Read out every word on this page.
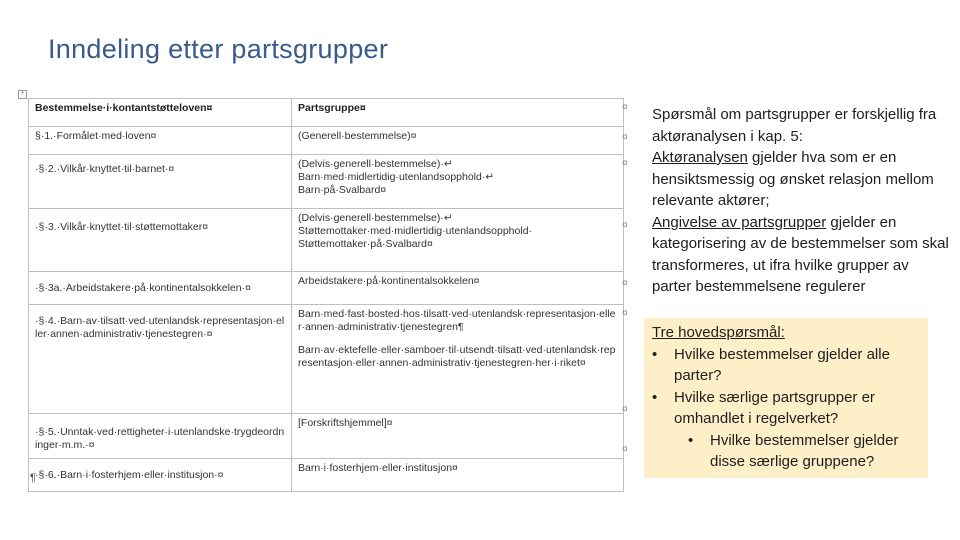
Inndeling etter partsgrupper
+
Bestemmelse·i·kontantstøtteloven¤	Partsgruppe¤
§·1.·Formålet·med·loven¤	(Generell·bestemmelse)¤
·§·2.·Vilkår·knyttet·til·barnet·¤	(Delvis·generell·bestemmelse)·↵
Barn·med·midlertidig·utenlandsopphold·↵
Barn·på·Svalbard¤

·§·3.·Vilkår·knyttet·til·støttemottaker¤	(Delvis·generell·bestemmelse)·↵
Støttemottaker·med·midlertidig·utenlandsopphold·
Støttemottaker·på·Svalbard¤

·§·3a.·Arbeidstakere·på·kontinentalsokkelen·¤	Arbeidstakere·på·kontinentalsokkelen¤
·§·4.·Barn·av·tilsatt·ved·utenlandsk·representasjon·eller·annen·administrativ·tjenestegren·¤	Barn·med·fast·bosted·hos·tilsatt·ved·utenlandsk·representasjon·eller·annen·administrativ·tjenestegren¶
Barn·av·ektefelle·eller·samboer·til·utsendt·tilsatt·ved·utenlandsk·representasjon·eller·annen·administrativ·tjenestegren·her·i·riket¤

·§·5.·Unntak·ved·rettigheter·i·utenlandske·trygdeordninger·m.m.·¤	[Forskriftshjemmel]¤
·§·6.·Barn·i·fosterhjem·eller·institusjon·¤	Barn·i·fosterhjem·eller·institusjon¤
¶
¤
¤
¤
¤
¤
¤
¤
¤
Spørsmål om partsgrupper er forskjellig fra aktøranalysen i kap. 5:
Aktøranalysen gjelder hva som er en hensiktsmessig og ønsket relasjon mellom relevante aktører;
Angivelse av partsgrupper gjelder en kategorisering av de bestemmelser som skal transformeres, ut ifra hvilke grupper av parter bestemmelsene regulerer
Tre hovedspørsmål:
• Hvilke bestemmelser gjelder alle parter?
• Hvilke særlige partsgrupper er omhandlet i regelverket?
• Hvilke bestemmelser gjelder disse særlige gruppene?
